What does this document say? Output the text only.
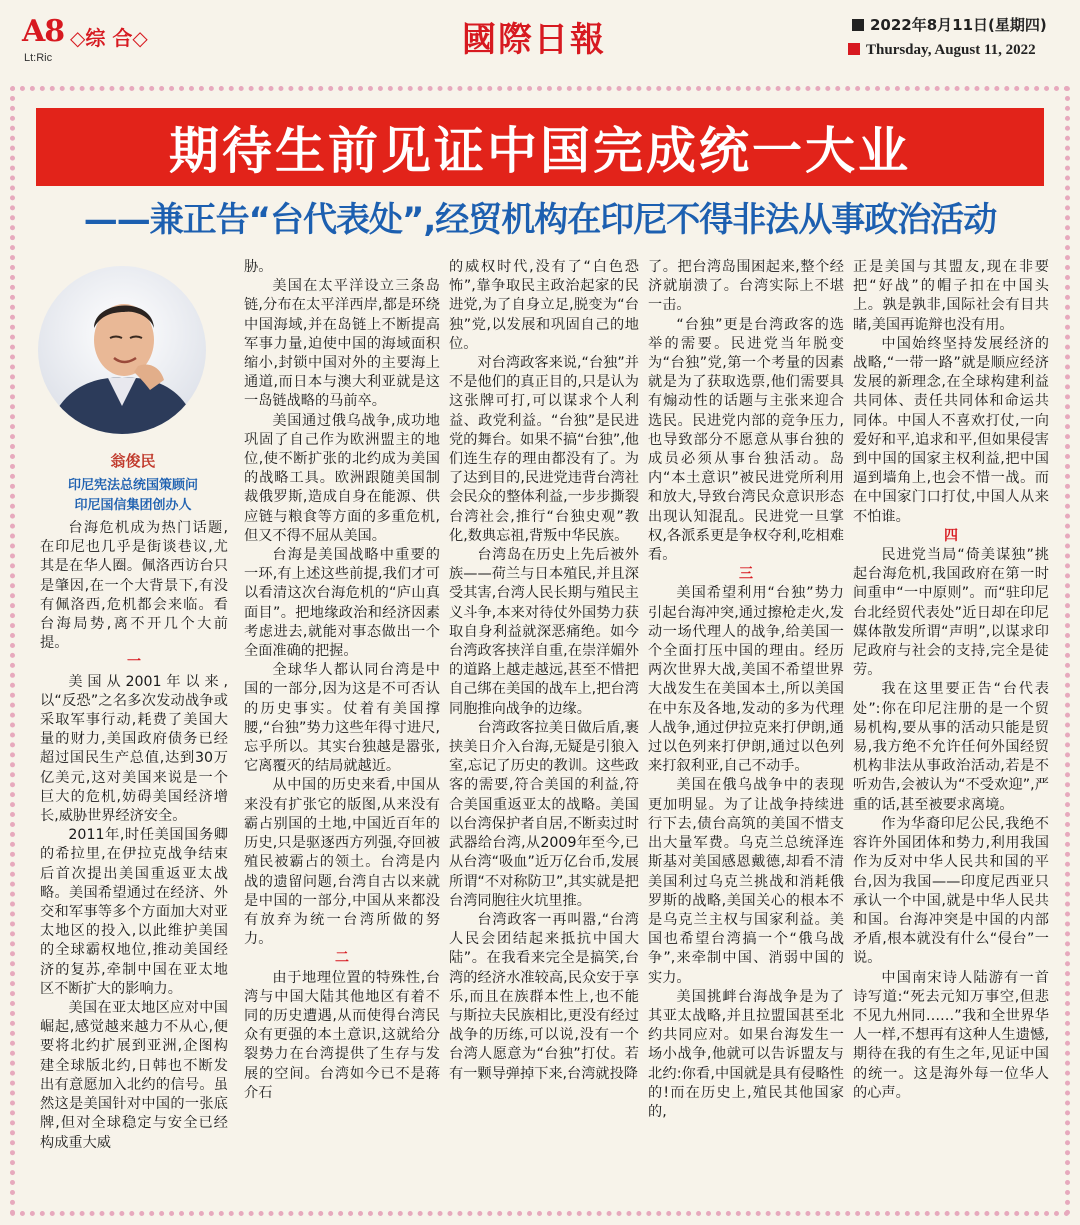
A8 ◇综 合◇
Lt:Ric	國際日報	2022年8月11日(星期四)
Thursday, August 11, 2022
期待生前见证中国完成统一大业
——兼正告“台代表处”,经贸机构在印尼不得非法从事政治活动
翁俊民
印尼宪法总统国策顾问
印尼国信集团创办人

台海危机成为热门话题,在印尼也几乎是街谈巷议,尤其是在华人圈。佩洛西访台只是肇因,在一个大背景下,有没有佩洛西,危机都会来临。看台海局势,离不开几个大前提。

一

美国从2001年以来,以“反恐”之名多次发动战争或采取军事行动,耗费了美国大量的财力,美国政府债务已经超过国民生产总值,达到30万亿美元,这对美国来说是一个巨大的危机,妨碍美国经济增长,威胁世界经济安全。

2011年,时任美国国务卿的希拉里,在伊拉克战争结束后首次提出美国重返亚太战略。美国希望通过在经济、外交和军事等多个方面加大对亚太地区的投入,以此维护美国的全球霸权地位,推动美国经济的复苏,牵制中国在亚太地区不断扩大的影响力。

美国在亚太地区应对中国崛起,感觉越来越力不从心,便要将北约扩展到亚洲,企图构建全球版北约,日韩也不断发出有意愿加入北约的信号。虽然这是美国针对中国的一张底牌,但对全球稳定与安全已经构成重大威

胁。

美国在太平洋设立三条岛链,分布在太平洋西岸,都是环绕中国海域,并在岛链上不断提高军事力量,迫使中国的海域面积缩小,封锁中国对外的主要海上通道,而日本与澳大利亚就是这一岛链战略的马前卒。

美国通过俄乌战争,成功地巩固了自己作为欧洲盟主的地位,使不断扩张的北约成为美国的战略工具。欧洲跟随美国制裁俄罗斯,造成自身在能源、供应链与粮食等方面的多重危机,但又不得不屈从美国。

台海是美国战略中重要的一环,有上述这些前提,我们才可以看清这次台海危机的“庐山真面目”。把地缘政治和经济因素考虑进去,就能对事态做出一个全面准确的把握。

全球华人都认同台湾是中国的一部分,因为这是不可否认的历史事实。仗着有美国撑腰,“台独”势力这些年得寸进尺,忘乎所以。其实台独越是嚣张,它离覆灭的结局就越近。

从中国的历史来看,中国从来没有扩张它的版图,从来没有霸占别国的土地,中国近百年的历史,只是驱逐西方列强,夺回被殖民被霸占的领土。台湾是内战的遗留问题,台湾自古以来就是中国的一部分,中国从来都没有放弃为统一台湾所做的努力。

二

由于地理位置的特殊性,台湾与中国大陆其他地区有着不同的历史遭遇,从而使得台湾民众有更强的本土意识,这就给分裂势力在台湾提供了生存与发展的空间。台湾如今已不是蒋介石

的威权时代,没有了“白色恐怖”,靠争取民主政治起家的民进党,为了自身立足,脱变为“台独”党,以发展和巩固自己的地位。

对台湾政客来说,“台独”并不是他们的真正目的,只是认为这张牌可打,可以谋求个人利益、政党利益。“台独”是民进党的舞台。如果不搞“台独”,他们连生存的理由都没有了。为了达到目的,民进党违背台湾社会民众的整体利益,一步步撕裂台湾社会,推行“台独史观”教化,数典忘祖,背叛中华民族。

台湾岛在历史上先后被外族——荷兰与日本殖民,并且深受其害,台湾人民长期与殖民主义斗争,本来对待仗外国势力获取自身利益就深恶痛绝。如今台湾政客挟洋自重,在崇洋媚外的道路上越走越远,甚至不惜把自己绑在美国的战车上,把台湾同胞推向战争的边缘。

台湾政客拉美日做后盾,裹挟美日介入台海,无疑是引狼入室,忘记了历史的教训。这些政客的需要,符合美国的利益,符合美国重返亚太的战略。美国以台湾保护者自居,不断卖过时武器给台湾,从2009年至今,已从台湾“吸血”近万亿台币,发展所谓“不对称防卫”,其实就是把台湾同胞往火坑里推。

台湾政客一再叫嚣,“台湾人民会团结起来抵抗中国大陆”。在我看来完全是搞笑,台湾的经济水准较高,民众安于享乐,而且在族群本性上,也不能与斯拉夫民族相比,更没有经过战争的历练,可以说,没有一个台湾人愿意为“台独”打仗。若有一颗导弹掉下来,台湾就投降

了。把台湾岛围困起来,整个经济就崩溃了。台湾实际上不堪一击。

“台独”更是台湾政客的选举的需要。民进党当年脱变为“台独”党,第一个考量的因素就是为了获取选票,他们需要具有煽动性的话题与主张来迎合选民。民进党内部的竞争压力,也导致部分不愿意从事台独的成员必须从事台独活动。岛内“本土意识”被民进党所利用和放大,导致台湾民众意识形态出现认知混乱。民进党一旦掌权,各派系更是争权夺利,吃相难看。

三

美国希望利用“台独”势力引起台海冲突,通过擦枪走火,发动一场代理人的战争,给美国一个全面打压中国的理由。经历两次世界大战,美国不希望世界大战发生在美国本土,所以美国在中东及各地,发动的多为代理人战争,通过伊拉克来打伊朗,通过以色列来打伊朗,通过以色列来打叙利亚,自己不动手。

美国在俄乌战争中的表现更加明显。为了让战争持续进行下去,债台高筑的美国不惜支出大量军费。乌克兰总统泽连斯基对美国感恩戴德,却看不清美国利过乌克兰挑战和消耗俄罗斯的战略,美国关心的根本不是乌克兰主权与国家利益。美国也希望台湾搞一个“俄乌战争”,来牵制中国、消弱中国的实力。

美国挑衅台海战争是为了其亚太战略,并且拉盟国甚至北约共同应对。如果台海发生一场小战争,他就可以告诉盟友与北约:你看,中国就是具有侵略性的!而在历史上,殖民其他国家的,

正是美国与其盟友,现在非要把“好战”的帽子扣在中国头上。孰是孰非,国际社会有目共睹,美国再诡辩也没有用。

中国始终坚持发展经济的战略,“一带一路”就是顺应经济发展的新理念,在全球构建利益共同体、责任共同体和命运共同体。中国人不喜欢打仗,一向爱好和平,追求和平,但如果侵害到中国的国家主权利益,把中国逼到墙角上,也会不惜一战。而在中国家门口打仗,中国人从来不怕谁。

四

民进党当局“倚美谋独”挑起台海危机,我国政府在第一时间重申“一中原则”。而“驻印尼台北经贸代表处”近日却在印尼媒体散发所谓“声明”,以谋求印尼政府与社会的支持,完全是徒劳。

我在这里要正告“台代表处”:你在印尼注册的是一个贸易机构,要从事的活动只能是贸易,我方绝不允许任何外国经贸机构非法从事政治活动,若是不听劝告,会被认为“不受欢迎”,严重的话,甚至被要求离境。

作为华裔印尼公民,我绝不容许外国团体和势力,利用我国作为反对中华人民共和国的平台,因为我国——印度尼西亚只承认一个中国,就是中华人民共和国。台海冲突是中国的内部矛盾,根本就没有什么“侵台”一说。

中国南宋诗人陆游有一首诗写道:“死去元知万事空,但悲不见九州同……”我和全世界华人一样,不想再有这种人生遗憾,期待在我的有生之年,见证中国的统一。这是海外每一位华人的心声。
